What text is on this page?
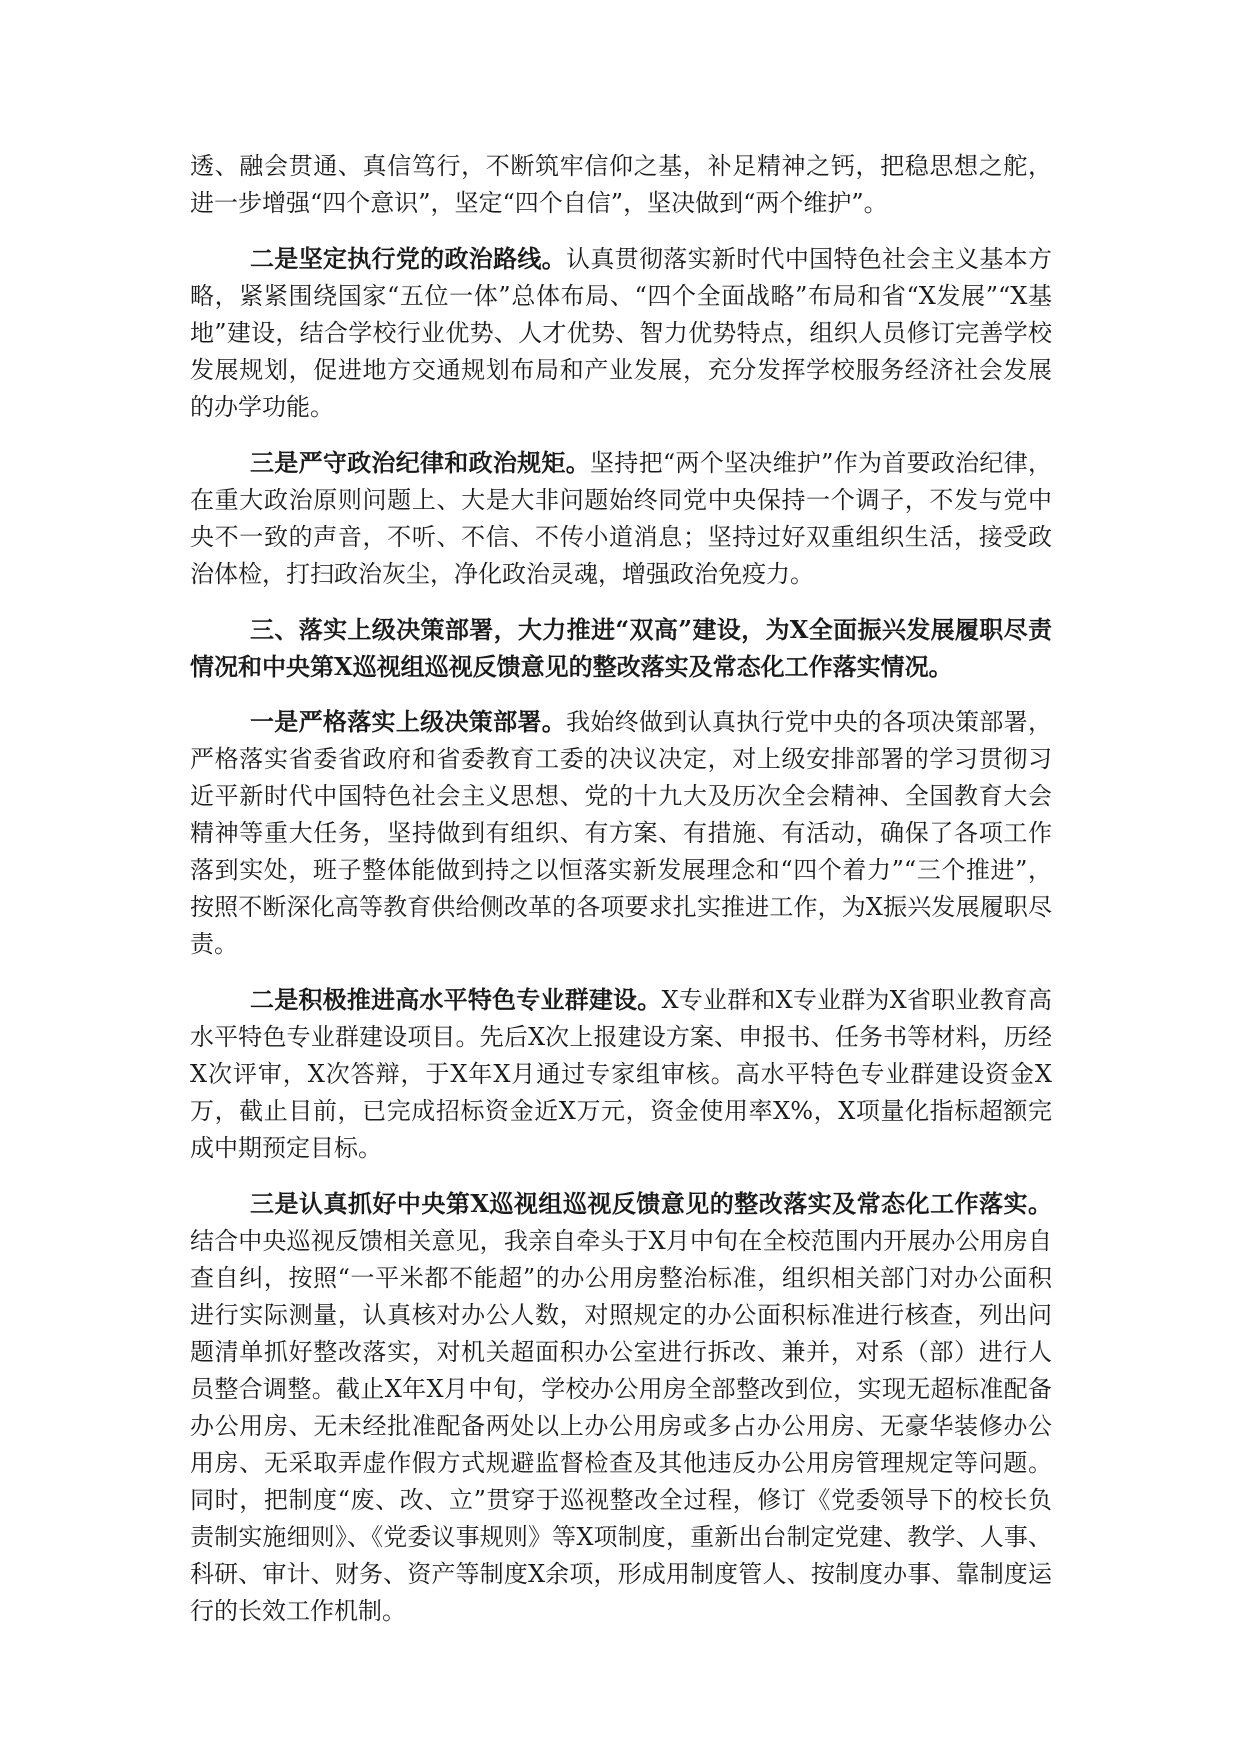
透、融会贯通、真信笃行，不断筑牢信仰之基，补足精神之钙，把稳思想之舵，进一步增强“四个意识”，坚定“四个自信”，坚决做到“两个维护”。

二是坚定执行党的政治路线。认真贯彻落实新时代中国特色社会主义基本方略，紧紧围绕国家“五位一体”总体布局、“四个全面战略”布局和省“X发展”“X基地”建设，结合学校行业优势、人才优势、智力优势特点，组织人员修订完善学校发展规划，促进地方交通规划布局和产业发展，充分发挥学校服务经济社会发展的办学功能。

三是严守政治纪律和政治规矩。坚持把“两个坚决维护”作为首要政治纪律，在重大政治原则问题上、大是大非问题始终同党中央保持一个调子，不发与党中央不一致的声音，不听、不信、不传小道消息；坚持过好双重组织生活，接受政治体检，打扫政治灰尘，净化政治灵魂，增强政治免疫力。

三、落实上级决策部署，大力推进“双高”建设，为X全面振兴发展履职尽责情况和中央第X巡视组巡视反馈意见的整改落实及常态化工作落实情况。

一是严格落实上级决策部署。我始终做到认真执行党中央的各项决策部署，严格落实省委省政府和省委教育工委的决议决定，对上级安排部署的学习贯彻习近平新时代中国特色社会主义思想、党的十九大及历次全会精神、全国教育大会精神等重大任务，坚持做到有组织、有方案、有措施、有活动，确保了各项工作落到实处，班子整体能做到持之以恒落实新发展理念和“四个着力”“三个推进”，按照不断深化高等教育供给侧改革的各项要求扎实推进工作，为X振兴发展履职尽责。

二是积极推进高水平特色专业群建设。X专业群和X专业群为X省职业教育高水平特色专业群建设项目。先后X次上报建设方案、申报书、任务书等材料，历经X次评审，X次答辩，于X年X月通过专家组审核。高水平特色专业群建设资金X万，截止目前，已完成招标资金近X万元，资金使用率X%，X项量化指标超额完成中期预定目标。

三是认真抓好中央第X巡视组巡视反馈意见的整改落实及常态化工作落实。结合中央巡视反馈相关意见，我亲自牵头于X月中旬在全校范围内开展办公用房自查自纠，按照“一平米都不能超”的办公用房整治标准，组织相关部门对办公面积进行实际测量，认真核对办公人数，对照规定的办公面积标准进行核查，列出问题清单抓好整改落实，对机关超面积办公室进行拆改、兼并，对系（部）进行人员整合调整。截止X年X月中旬，学校办公用房全部整改到位，实现无超标准配备办公用房、无未经批准配备两处以上办公用房或多占办公用房、无豪华装修办公用房、无采取弄虚作假方式规避监督检查及其他违反办公用房管理规定等问题。同时，把制度“废、改、立”贯穿于巡视整改全过程，修订《党委领导下的校长负责制实施细则》、《党委议事规则》等X项制度，重新出台制定党建、教学、人事、科研、审计、财务、资产等制度X余项，形成用制度管人、按制度办事、靠制度运行的长效工作机制。
